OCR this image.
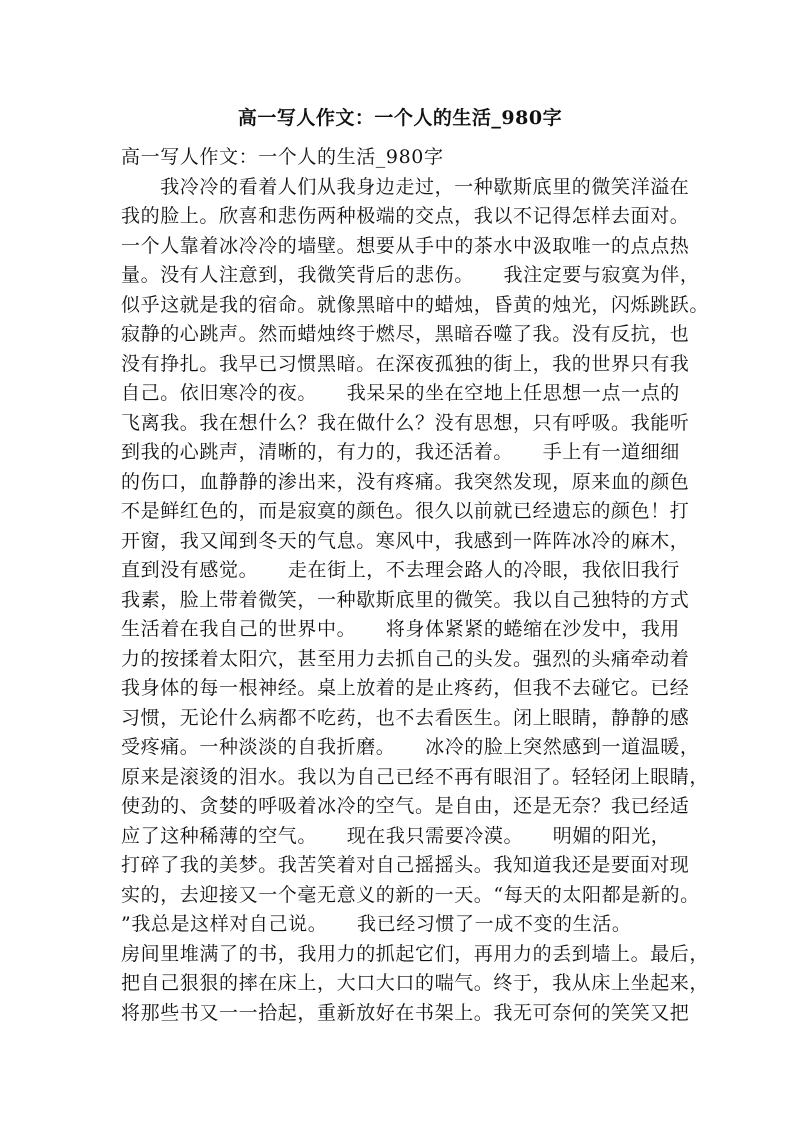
高一写人作文：一个人的生活_980字
高一写人作文：一个人的生活_980字
　　我冷冷的看着人们从我身边走过，一种歇斯底里的微笑洋溢在
我的脸上。欣喜和悲伤两种极端的交点，我以不记得怎样去面对。
一个人靠着冰冷冷的墙壁。想要从手中的茶水中汲取唯一的点点热
量。没有人注意到，我微笑背后的悲伤。　　我注定要与寂寞为伴，
似乎这就是我的宿命。就像黑暗中的蜡烛，昏黄的烛光，闪烁跳跃。
寂静的心跳声。然而蜡烛终于燃尽，黑暗吞噬了我。没有反抗，也
没有挣扎。我早已习惯黑暗。在深夜孤独的街上，我的世界只有我
自己。依旧寒冷的夜。　　我呆呆的坐在空地上任思想一点一点的
飞离我。我在想什么？我在做什么？没有思想，只有呼吸。我能听
到我的心跳声，清晰的，有力的，我还活着。　　手上有一道细细
的伤口，血静静的渗出来，没有疼痛。我突然发现，原来血的颜色
不是鲜红色的，而是寂寞的颜色。很久以前就已经遗忘的颜色！打
开窗，我又闻到冬天的气息。寒风中，我感到一阵阵冰冷的麻木，
直到没有感觉。　　走在街上，不去理会路人的冷眼，我依旧我行
我素，脸上带着微笑，一种歇斯底里的微笑。我以自己独特的方式
生活着在我自己的世界中。　　将身体紧紧的蜷缩在沙发中，我用
力的按揉着太阳穴，甚至用力去抓自己的头发。强烈的头痛牵动着
我身体的每一根神经。桌上放着的是止疼药，但我不去碰它。已经
习惯，无论什么病都不吃药，也不去看医生。闭上眼睛，静静的感
受疼痛。一种淡淡的自我折磨。　　冰冷的脸上突然感到一道温暖，
原来是滚烫的泪水。我以为自己已经不再有眼泪了。轻轻闭上眼睛，
使劲的、贪婪的呼吸着冰冷的空气。是自由，还是无奈？我已经适
应了这种稀薄的空气。　　现在我只需要冷漠。　　明媚的阳光，
打碎了我的美梦。我苦笑着对自己摇摇头。我知道我还是要面对现
实的，去迎接又一个毫无意义的新的一天。“每天的太阳都是新的。
”我总是这样对自己说。　　我已经习惯了一成不变的生活。
房间里堆满了的书，我用力的抓起它们，再用力的丢到墙上。最后，
把自己狠狠的摔在床上，大口大口的喘气。终于，我从床上坐起来，
将那些书又一一拾起，重新放好在书架上。我无可奈何的笑笑又把
